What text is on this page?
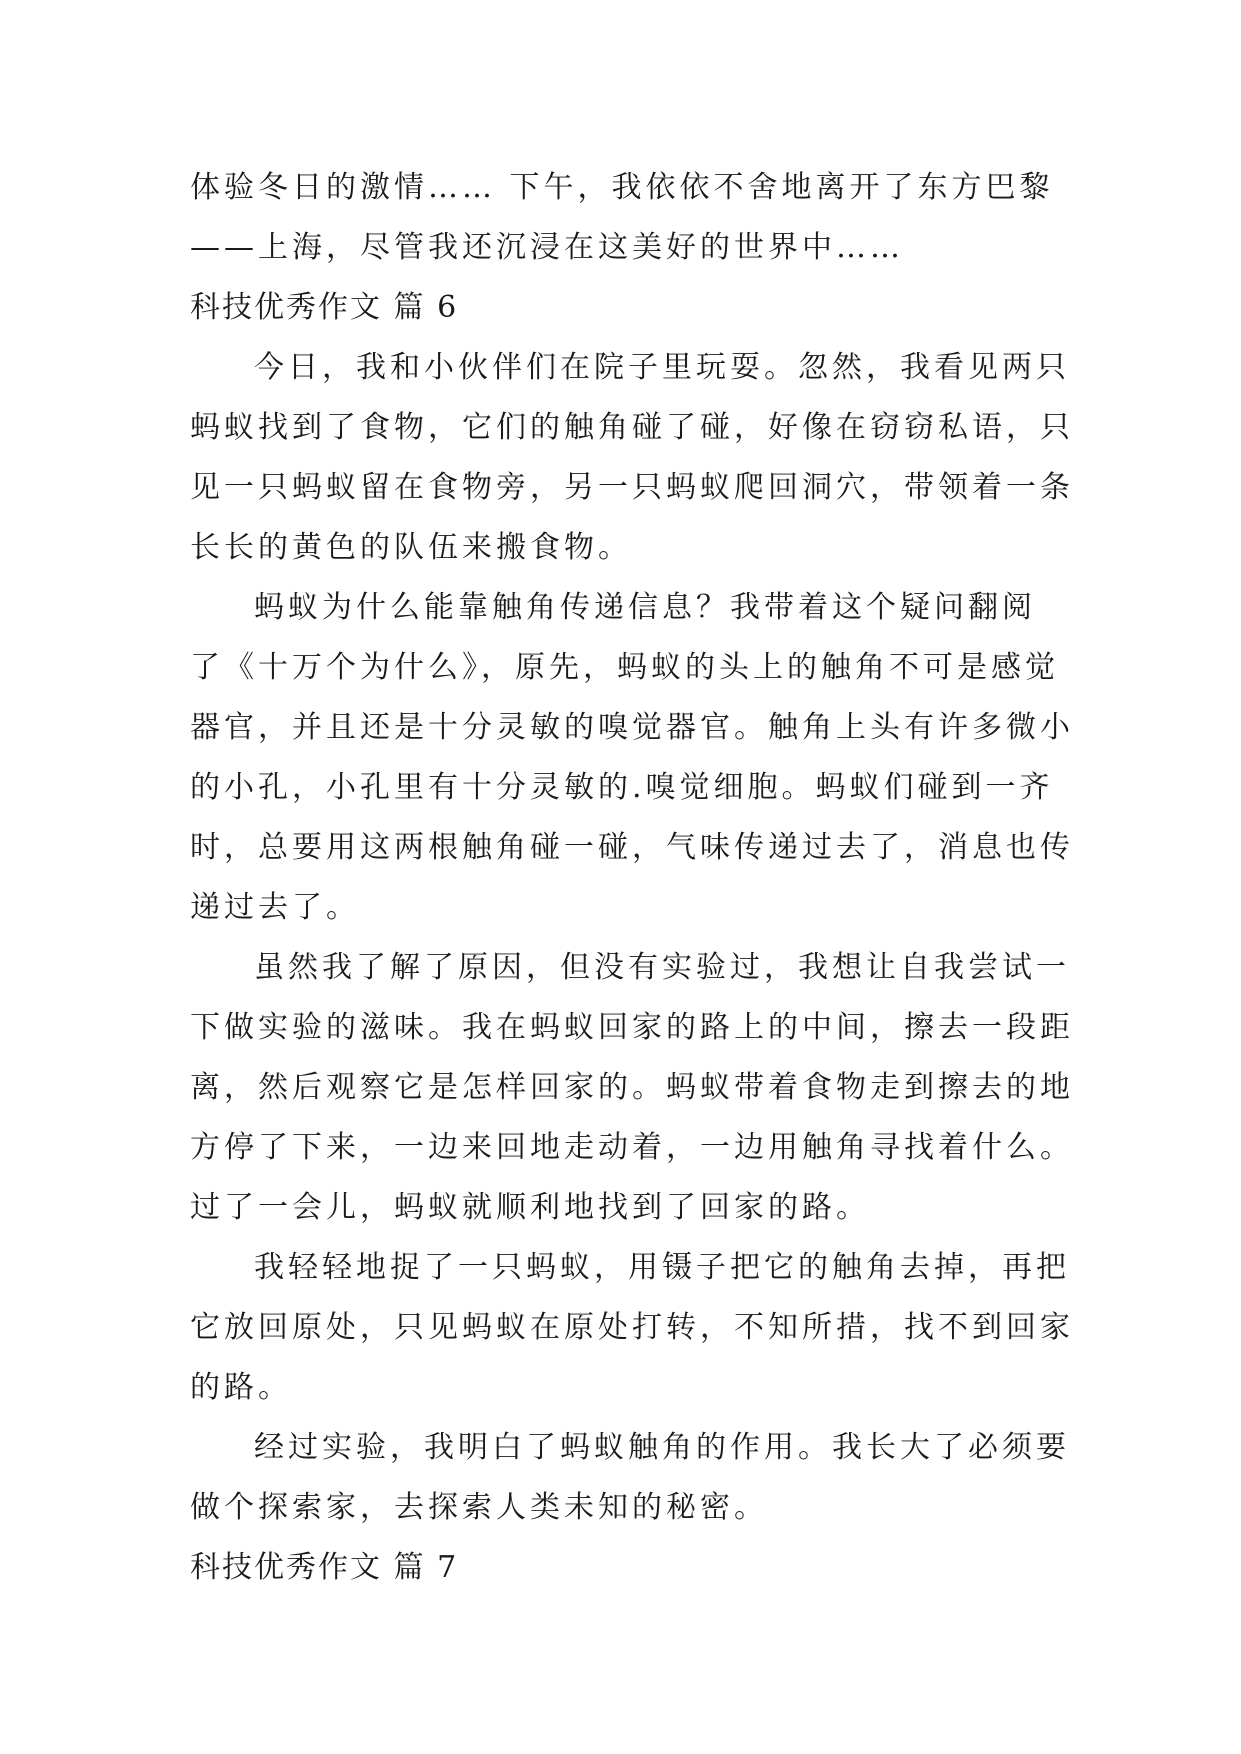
体验冬日的激情…… 下午，我依依不舍地离开了东方巴黎
——上海，尽管我还沉浸在这美好的世界中……
科技优秀作文 篇 6
今日，我和小伙伴们在院子里玩耍。忽然，我看见两只
蚂蚁找到了食物，它们的触角碰了碰，好像在窃窃私语，只
见一只蚂蚁留在食物旁，另一只蚂蚁爬回洞穴，带领着一条
长长的黄色的队伍来搬食物。
蚂蚁为什么能靠触角传递信息？我带着这个疑问翻阅
了《十万个为什么》，原先，蚂蚁的头上的触角不可是感觉
器官，并且还是十分灵敏的嗅觉器官。触角上头有许多微小
的小孔，小孔里有十分灵敏的.嗅觉细胞。蚂蚁们碰到一齐
时，总要用这两根触角碰一碰，气味传递过去了，消息也传
递过去了。
虽然我了解了原因，但没有实验过，我想让自我尝试一
下做实验的滋味。我在蚂蚁回家的路上的中间，擦去一段距
离，然后观察它是怎样回家的。蚂蚁带着食物走到擦去的地
方停了下来，一边来回地走动着，一边用触角寻找着什么。
过了一会儿，蚂蚁就顺利地找到了回家的路。
我轻轻地捉了一只蚂蚁，用镊子把它的触角去掉，再把
它放回原处，只见蚂蚁在原处打转，不知所措，找不到回家
的路。
经过实验，我明白了蚂蚁触角的作用。我长大了必须要
做个探索家，去探索人类未知的秘密。
科技优秀作文 篇 7
